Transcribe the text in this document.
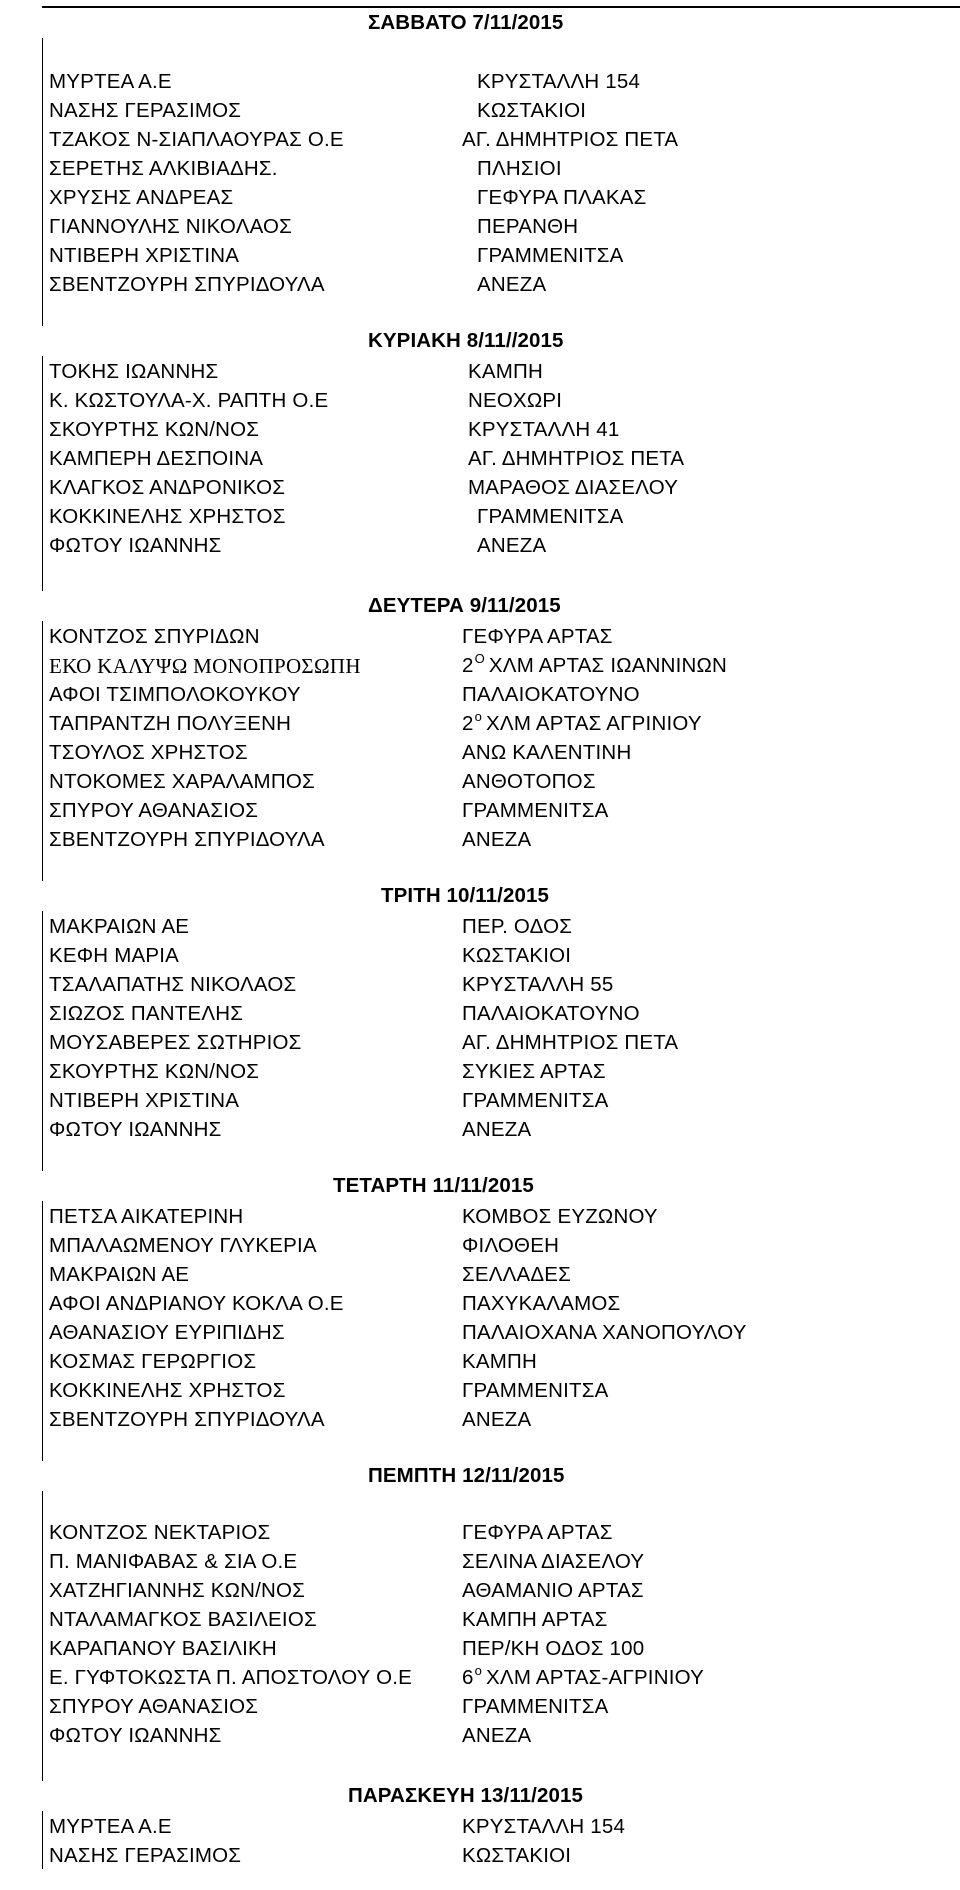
ΣΑΒΒΑΤΟ 7/11/2015
ΜΥΡΤΕΑ Α.Ε	ΚΡΥΣΤΑΛΛΗ 154
ΝΑΣΗΣ ΓΕΡΑΣΙΜΟΣ	ΚΩΣΤΑΚΙΟΙ
ΤΖΑΚΟΣ Ν-ΣΙΑΠΛΑΟΥΡΑΣ Ο.Ε	ΑΓ. ΔΗΜΗΤΡΙΟΣ ΠΕΤΑ
ΣΕΡΕΤΗΣ ΑΛΚΙΒΙΑΔΗΣ.	ΠΛΗΣΙΟΙ
ΧΡΥΣΗΣ ΑΝΔΡΕΑΣ	ΓΕΦΥΡΑ ΠΛΑΚΑΣ
ΓΙΑΝΝΟΥΛΗΣ ΝΙΚΟΛΑΟΣ	ΠΕΡΑΝΘΗ
ΝΤΙΒΕΡΗ ΧΡΙΣΤΙΝΑ	ΓΡΑΜΜΕΝΙΤΣΑ
ΣΒΕΝΤΖΟΥΡΗ ΣΠΥΡΙΔΟΥΛΑ	ΑΝΕΖΑ
ΚΥΡΙΑΚΗ 8/11//2015
ΤΟΚΗΣ ΙΩΑΝΝΗΣ	ΚΑΜΠΗ
Κ. ΚΩΣΤΟΥΛΑ-Χ. ΡΑΠΤΗ Ο.Ε	ΝΕΟΧΩΡΙ
ΣΚΟΥΡΤΗΣ ΚΩΝ/ΝΟΣ	ΚΡΥΣΤΑΛΛΗ 41
ΚΑΜΠΕΡΗ ΔΕΣΠΟΙΝΑ	ΑΓ. ΔΗΜΗΤΡΙΟΣ ΠΕΤΑ
ΚΛΑΓΚΟΣ ΑΝΔΡΟΝΙΚΟΣ	ΜΑΡΑΘΟΣ ΔΙΑΣΕΛΟΥ
ΚΟΚΚΙΝΕΛΗΣ ΧΡΗΣΤΟΣ	ΓΡΑΜΜΕΝΙΤΣΑ
ΦΩΤΟΥ ΙΩΑΝΝΗΣ	ΑΝΕΖΑ
ΔΕΥΤΕΡΑ 9/11/2015
ΚΟΝΤΖΟΣ ΣΠΥΡΙΔΩΝ	ΓΕΦΥΡΑ ΑΡΤΑΣ
ΕΚΟ ΚΑΛΥΨΩ ΜΟΝΟΠΡΟΣΩΠΗ	$2^O$ ΧΛΜ ΑΡΤΑΣ ΙΩΑΝΝΙΝΩΝ
ΑΦΟΙ ΤΣΙΜΠΟΛΟΚΟΥΚΟΥ	ΠΑΛΑΙΟΚΑΤΟΥΝΟ
ΤΑΠΡΑΝΤΖΗ ΠΟΛΥΞΕΝΗ	$2^o$ ΧΛΜ ΑΡΤΑΣ ΑΓΡΙΝΙΟΥ
ΤΣΟΥΛΟΣ ΧΡΗΣΤΟΣ	ΑΝΩ ΚΑΛΕΝΤΙΝΗ
ΝΤΟΚΟΜΕΣ ΧΑΡΑΛΑΜΠΟΣ	ΑΝΘΟΤΟΠΟΣ
ΣΠΥΡΟΥ ΑΘΑΝΑΣΙΟΣ	ΓΡΑΜΜΕΝΙΤΣΑ
ΣΒΕΝΤΖΟΥΡΗ ΣΠΥΡΙΔΟΥΛΑ	ΑΝΕΖΑ
ΤΡΙΤΗ 10/11/2015
ΜΑΚΡΑΙΩΝ ΑΕ	ΠΕΡ. ΟΔΟΣ
ΚΕΦΗ ΜΑΡΙΑ	ΚΩΣΤΑΚΙΟΙ
ΤΣΑΛΑΠΑΤΗΣ ΝΙΚΟΛΑΟΣ	ΚΡΥΣΤΑΛΛΗ 55
ΣΙΩΖΟΣ ΠΑΝΤΕΛΗΣ	ΠΑΛΑΙΟΚΑΤΟΥΝΟ
ΜΟΥΣΑΒΕΡΕΣ ΣΩΤΗΡΙΟΣ	ΑΓ. ΔΗΜΗΤΡΙΟΣ ΠΕΤΑ
ΣΚΟΥΡΤΗΣ ΚΩΝ/ΝΟΣ	ΣΥΚΙΕΣ ΑΡΤΑΣ
ΝΤΙΒΕΡΗ ΧΡΙΣΤΙΝΑ	ΓΡΑΜΜΕΝΙΤΣΑ
ΦΩΤΟΥ ΙΩΑΝΝΗΣ	ΑΝΕΖΑ
ΤΕΤΑΡΤΗ 11/11/2015
ΠΕΤΣΑ ΑΙΚΑΤΕΡΙΝΗ	ΚΟΜΒΟΣ ΕΥΖΩΝΟΥ
ΜΠΑΛΑΩΜΕΝΟΥ ΓΛΥΚΕΡΙΑ	ΦΙΛΟΘΕΗ
ΜΑΚΡΑΙΩΝ ΑΕ	ΣΕΛΛΑΔΕΣ
ΑΦΟΙ ΑΝΔΡΙΑΝΟΥ ΚΟΚΛΑ Ο.Ε	ΠΑΧΥΚΑΛΑΜΟΣ
ΑΘΑΝΑΣΙΟΥ ΕΥΡΙΠΙΔΗΣ	ΠΑΛΑΙΟΧΑΝΑ ΧΑΝΟΠΟΥΛΟΥ
ΚΟΣΜΑΣ ΓΕΡΩΡΓΙΟΣ	ΚΑΜΠΗ
ΚΟΚΚΙΝΕΛΗΣ ΧΡΗΣΤΟΣ	ΓΡΑΜΜΕΝΙΤΣΑ
ΣΒΕΝΤΖΟΥΡΗ ΣΠΥΡΙΔΟΥΛΑ	ΑΝΕΖΑ
ΠΕΜΠΤΗ 12/11/2015
ΚΟΝΤΖΟΣ ΝΕΚΤΑΡΙΟΣ	ΓΕΦΥΡΑ ΑΡΤΑΣ
Π. ΜΑΝΙΦΑΒΑΣ & ΣΙΑ Ο.Ε	ΣΕΛΙΝΑ ΔΙΑΣΕΛΟΥ
ΧΑΤΖΗΓΙΑΝΝΗΣ ΚΩΝ/ΝΟΣ	ΑΘΑΜΑΝΙΟ ΑΡΤΑΣ
ΝΤΑΛΑΜΑΓΚΟΣ ΒΑΣΙΛΕΙΟΣ	ΚΑΜΠΗ ΑΡΤΑΣ
ΚΑΡΑΠΑΝΟΥ ΒΑΣΙΛΙΚΗ	ΠΕΡ/ΚΗ ΟΔΟΣ 100
Ε. ΓΥΦΤΟΚΩΣΤΑ Π. ΑΠΟΣΤΟΛΟΥ Ο.Ε $6^o$ ΧΛΜ ΑΡΤΑΣ-ΑΓΡΙΝΙΟΥ
ΣΠΥΡΟΥ ΑΘΑΝΑΣΙΟΣ	ΓΡΑΜΜΕΝΙΤΣΑ
ΦΩΤΟΥ ΙΩΑΝΝΗΣ	ΑΝΕΖΑ
ΠΑΡΑΣΚΕΥΗ 13/11/2015
ΜΥΡΤΕΑ Α.Ε	ΚΡΥΣΤΑΛΛΗ 154
ΝΑΣΗΣ ΓΕΡΑΣΙΜΟΣ	ΚΩΣΤΑΚΙΟΙ
